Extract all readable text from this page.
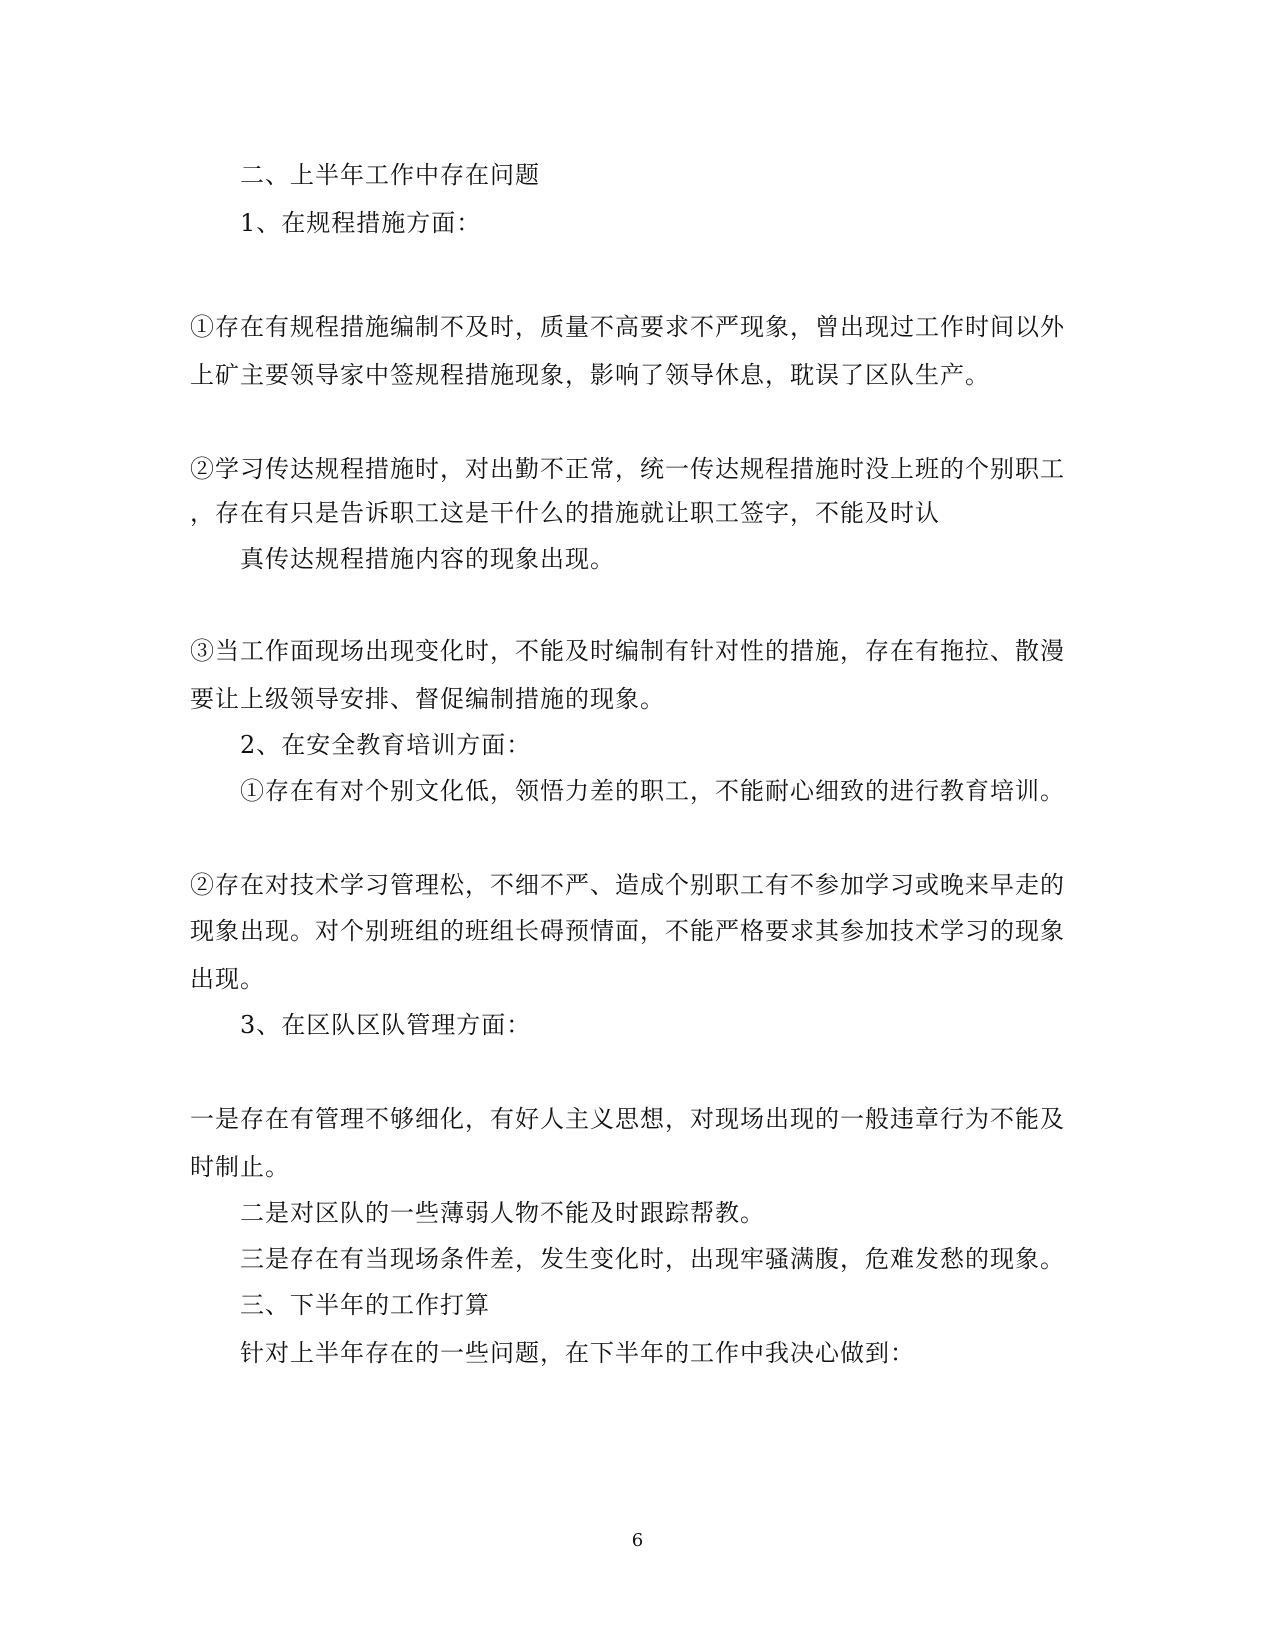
二、上半年工作中存在问题
1、在规程措施方面：
①存在有规程措施编制不及时，质量不高要求不严现象，曾出现过工作时间以外
上矿主要领导家中签规程措施现象，影响了领导休息，耽误了区队生产。
②学习传达规程措施时，对出勤不正常，统一传达规程措施时没上班的个别职工
，存在有只是告诉职工这是干什么的措施就让职工签字，不能及时认
真传达规程措施内容的现象出现。
③当工作面现场出现变化时，不能及时编制有针对性的措施，存在有拖拉、散漫
要让上级领导安排、督促编制措施的现象。
2、在安全教育培训方面：
①存在有对个别文化低，领悟力差的职工，不能耐心细致的进行教育培训。
②存在对技术学习管理松，不细不严、造成个别职工有不参加学习或晚来早走的
现象出现。对个别班组的班组长碍预情面，不能严格要求其参加技术学习的现象
出现。
3、在区队区队管理方面：
一是存在有管理不够细化，有好人主义思想，对现场出现的一般违章行为不能及
时制止。
二是对区队的一些薄弱人物不能及时跟踪帮教。
三是存在有当现场条件差，发生变化时，出现牢骚满腹，危难发愁的现象。
三、下半年的工作打算
针对上半年存在的一些问题，在下半年的工作中我决心做到：
6
